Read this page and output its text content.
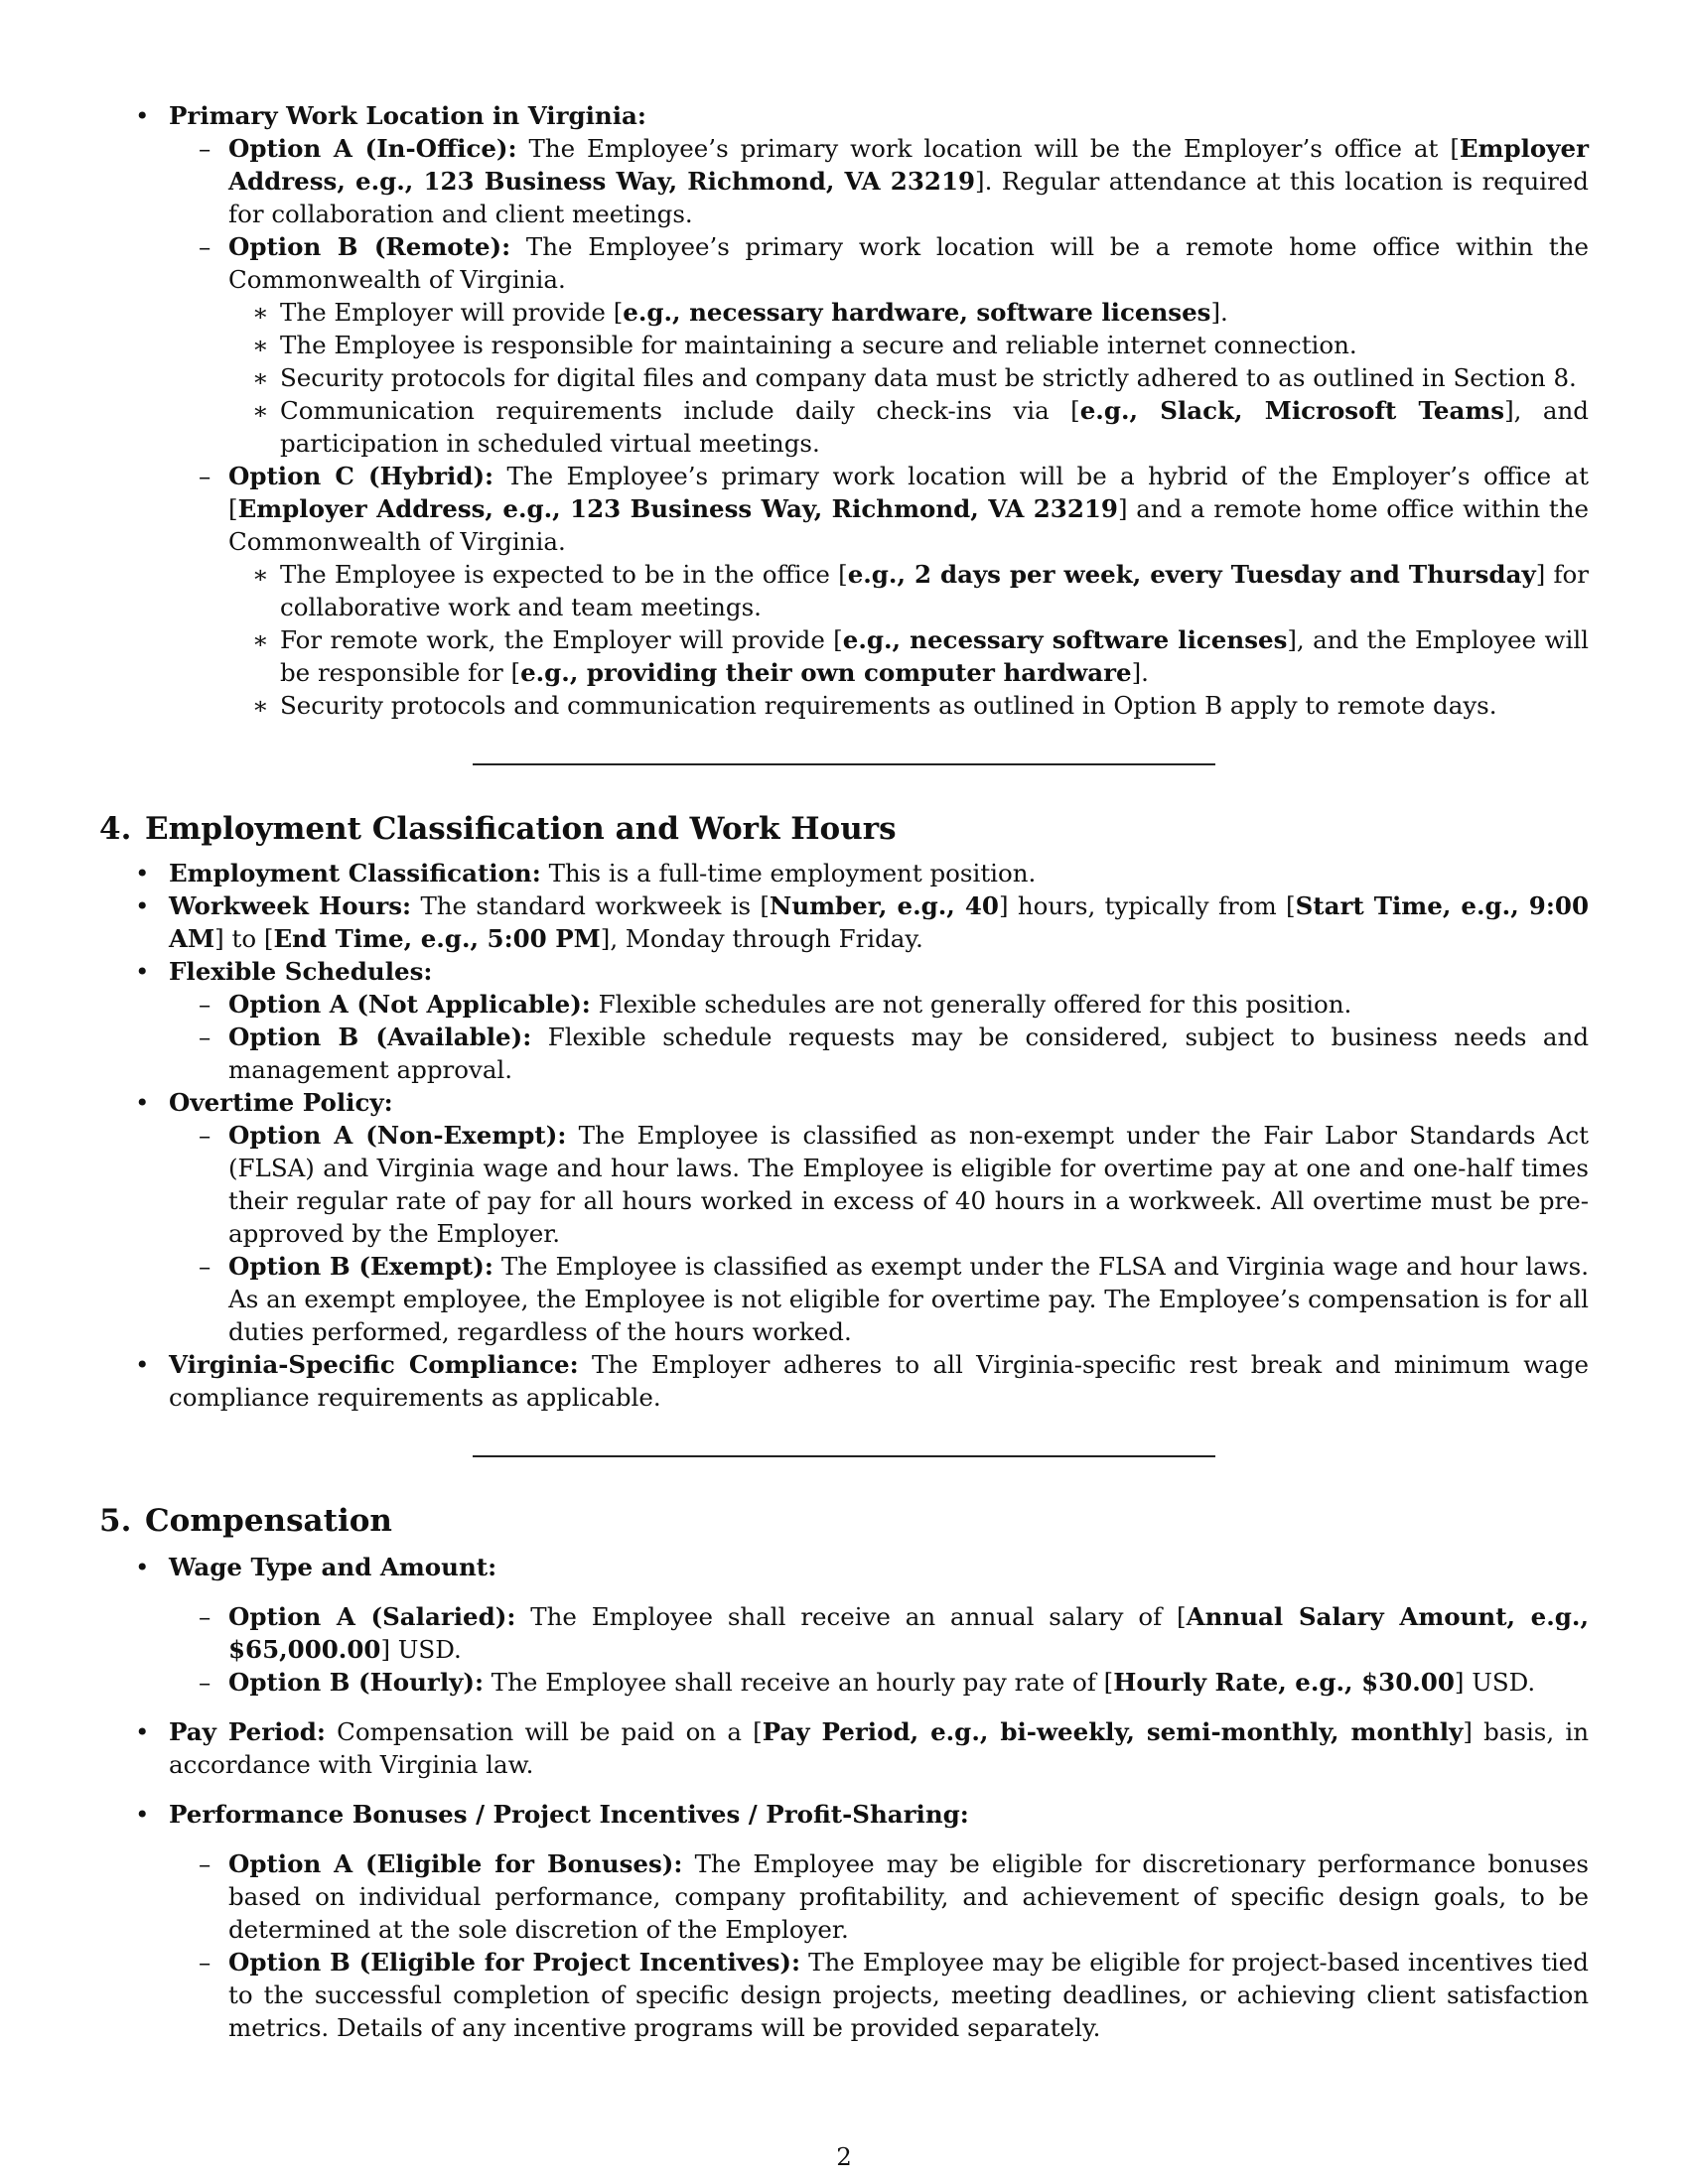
• Primary Work Location in Virginia:
– Option A (In-Office): The Employee’s primary work location will be the Employer’s office at [Employer Address, e.g., 123 Business Way, Richmond, VA 23219]. Regular attendance at this location is required for collaboration and client meetings.
– Option B (Remote): The Employee’s primary work location will be a remote home office within the Commonwealth of Virginia.
∗ The Employer will provide [e.g., necessary hardware, software licenses].
∗ The Employee is responsible for maintaining a secure and reliable internet connection.
∗ Security protocols for digital files and company data must be strictly adhered to as outlined in Section 8.
∗ Communication requirements include daily check-ins via [e.g., Slack, Microsoft Teams], and participation in scheduled virtual meetings.
– Option C (Hybrid): The Employee’s primary work location will be a hybrid of the Employer’s office at [Employer Address, e.g., 123 Business Way, Richmond, VA 23219] and a remote home office within the Commonwealth of Virginia.
∗ The Employee is expected to be in the office [e.g., 2 days per week, every Tuesday and Thursday] for collaborative work and team meetings.
∗ For remote work, the Employer will provide [e.g., necessary software licenses], and the Employee will be responsible for [e.g., providing their own computer hardware].
∗ Security protocols and communication requirements as outlined in Option B apply to remote days.
4. Employment Classification and Work Hours
• Employment Classification: This is a full-time employment position.
• Workweek Hours: The standard workweek is [Number, e.g., 40] hours, typically from [Start Time, e.g., 9:00 AM] to [End Time, e.g., 5:00 PM], Monday through Friday.
• Flexible Schedules:
– Option A (Not Applicable): Flexible schedules are not generally offered for this position.
– Option B (Available): Flexible schedule requests may be considered, subject to business needs and management approval.
• Overtime Policy:
– Option A (Non-Exempt): The Employee is classified as non-exempt under the Fair Labor Standards Act (FLSA) and Virginia wage and hour laws. The Employee is eligible for overtime pay at one and one-half times their regular rate of pay for all hours worked in excess of 40 hours in a workweek. All overtime must be pre-approved by the Employer.
– Option B (Exempt): The Employee is classified as exempt under the FLSA and Virginia wage and hour laws. As an exempt employee, the Employee is not eligible for overtime pay. The Employee’s compensation is for all duties performed, regardless of the hours worked.
• Virginia-Specific Compliance: The Employer adheres to all Virginia-specific rest break and minimum wage compliance requirements as applicable.
5. Compensation
• Wage Type and Amount:
– Option A (Salaried): The Employee shall receive an annual salary of [Annual Salary Amount, e.g., $65,000.00] USD.
– Option B (Hourly): The Employee shall receive an hourly pay rate of [Hourly Rate, e.g., $30.00] USD.
• Pay Period: Compensation will be paid on a [Pay Period, e.g., bi-weekly, semi-monthly, monthly] basis, in accordance with Virginia law.
• Performance Bonuses / Project Incentives / Profit-Sharing:
– Option A (Eligible for Bonuses): The Employee may be eligible for discretionary performance bonuses based on individual performance, company profitability, and achievement of specific design goals, to be determined at the sole discretion of the Employer.
– Option B (Eligible for Project Incentives): The Employee may be eligible for project-based incentives tied to the successful completion of specific design projects, meeting deadlines, or achieving client satisfaction metrics. Details of any incentive programs will be provided separately.
2
